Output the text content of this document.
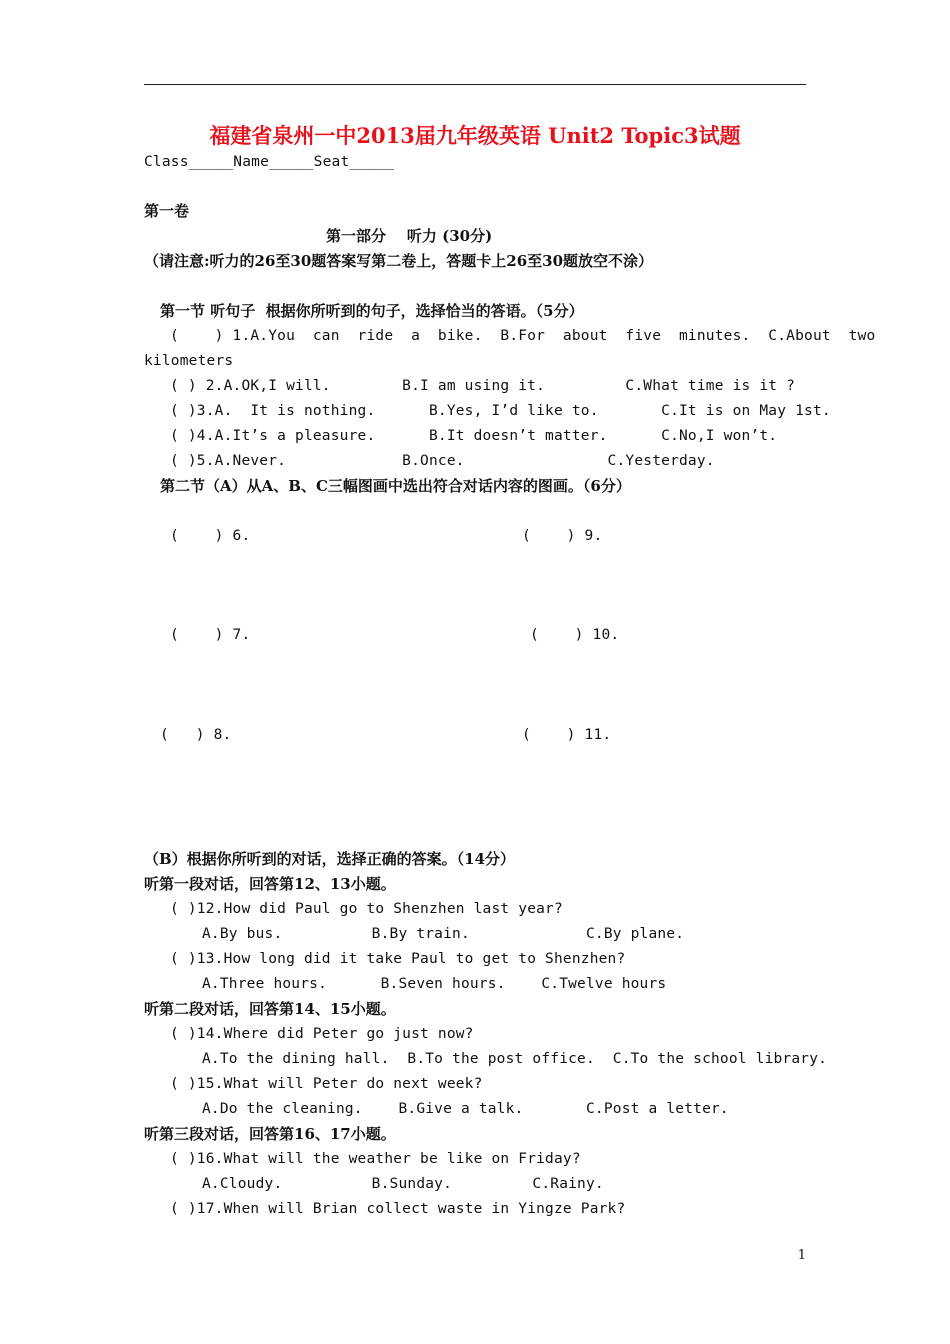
福建省泉州一中2013届九年级英语 Unit2 Topic3试题
Class_____Name_____Seat_____
第一卷
第一部分    听力 (30分)
（请注意:听力的26至30题答案写第二卷上，答题卡上26至30题放空不涂）
第一节 听句子  根据你所听到的句子，选择恰当的答语。（5分）
(    ) 1.A.You  can  ride  a  bike.  B.For  about  five  minutes.  C.About  two
kilometers
( ) 2.A.OK,I will.        B.I am using it.         C.What time is it ?
( )3.A.  It is nothing.      B.Yes, I’d like to.       C.It is on May 1st.
( )4.A.It’s a pleasure.      B.It doesn’t matter.      C.No,I won’t.
( )5.A.Never.             B.Once.                C.Yesterday.
第二节（A）从A、B、C三幅图画中选出符合对话内容的图画。（6分）
(    ) 6.	(    ) 9.
(    ) 7.	(    ) 10.
(   ) 8.	(    ) 11.
（B）根据你所听到的对话，选择正确的答案。（14分）
听第一段对话，回答第12、13小题。
( )12.How did Paul go to Shenzhen last year?
A.By bus.          B.By train.             C.By plane.
( )13.How long did it take Paul to get to Shenzhen?
A.Three hours.      B.Seven hours.    C.Twelve hours
听第二段对话，回答第14、15小题。
( )14.Where did Peter go just now?
A.To the dining hall.  B.To the post office.  C.To the school library.
( )15.What will Peter do next week?
A.Do the cleaning.    B.Give a talk.       C.Post a letter.
听第三段对话，回答第16、17小题。
( )16.What will the weather be like on Friday?
A.Cloudy.          B.Sunday.         C.Rainy.
( )17.When will Brian collect waste in Yingze Park?
1
